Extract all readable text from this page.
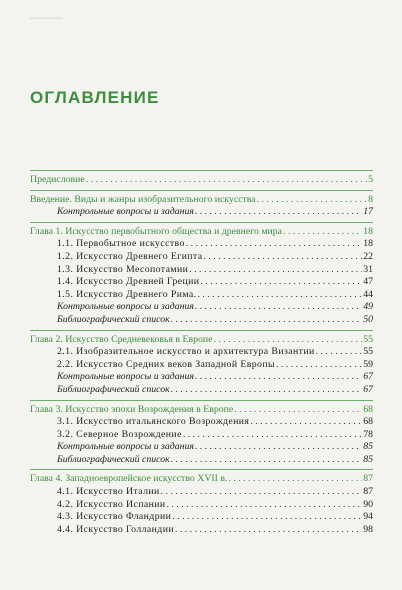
▔▔▔▔▔▔
ОГЛАВЛЕНИЕ
Предисловие . . .	5
Введение. Виды и жанры изобразительного искусства . . .	8
Контрольные вопросы и задания . . .	17
Глава 1. Искусство первобытного общества и древнего мира . . .	18
1.1. Первобытное искусство . . .	18
1.2. Искусство Древнего Египта . . .	22
1.3. Искусство Месопотамии . . .	31
1.4. Искусство Древней Греции . . .	47
1.5. Искусство Древнего Рима. . . .	44
Контрольные вопросы и задания . . .	49
Библиографический список . . .	50
Глава 2. Искусство Средневековья в Европе . . .	55
2.1. Изобразительное искусство и архитектура Византии . . .	55
2.2. Искусство Средних веков Западной Европы . . .	59
Контрольные вопросы и задания . . .	67
Библиографический список . . .	67
Глава 3. Искусство эпохи Возрождения в Европе . . .	68
3.1. Искусство итальянского Возрождения . . .	68
3.2. Северное Возрождение . . .	78
Контрольные вопросы и задания . . .	85
Библиографический список . . .	85
Глава 4. Западноевропейское искусство XVII в. . . .	87
4.1. Искусство Италии . . .	87
4.2. Искусство Испании . . .	90
4.3. Искусство Фландрии . . .	94
4.4. Искусство Голландии . . .	98
